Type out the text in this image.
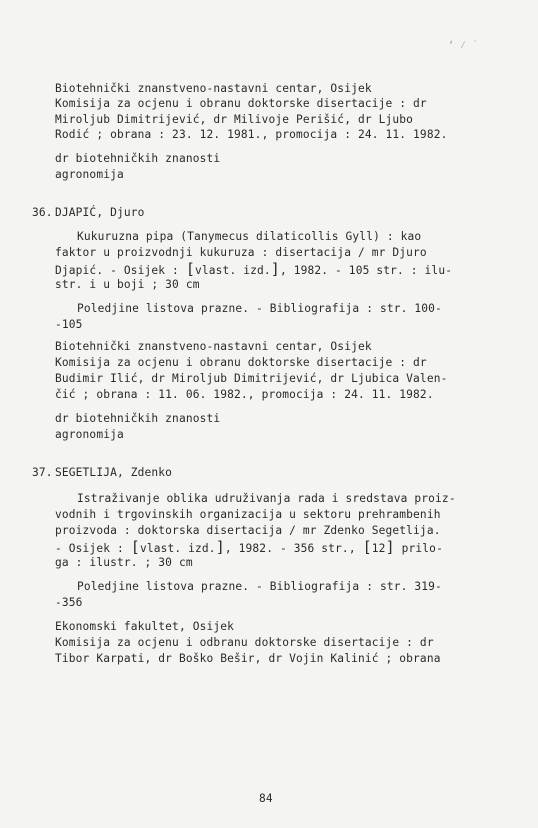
ʻ ⁄ ˙
Biotehnički znanstveno-nastavni centar, Osijek
Komisija za ocjenu i obranu doktorske disertacije : dr
Miroljub Dimitrijević, dr Milivoje Perišić, dr Ljubo
Rodić ; obrana : 23. 12. 1981., promocija : 24. 11. 1982.
dr biotehničkih znanosti
agronomija
36. DJAPIĆ, Djuro
Kukuruzna pipa (Tanymecus dilaticollis Gyll) : kao
faktor u proizvodnji kukuruza : disertacija / mr Djuro
Djapić. - Osijek : [vlast. izd.], 1982. - 105 str. : ilu-
str. i u boji ; 30 cm
Poledjine listova prazne. - Bibliografija : str. 100-
-105
Biotehnički znanstveno-nastavni centar, Osijek
Komisija za ocjenu i obranu doktorske disertacije : dr
Budimir Ilić, dr Miroljub Dimitrijević, dr Ljubica Valen-
čić ; obrana : 11. 06. 1982., promocija : 24. 11. 1982.
dr biotehničkih znanosti
agronomija
37. SEGETLIJA, Zdenko
Istraživanje oblika udruživanja rada i sredstava proiz-
vodnih i trgovinskih organizacija u sektoru prehrambenih
proizvoda : doktorska disertacija / mr Zdenko Segetlija.
- Osijek : [vlast. izd.], 1982. - 356 str., [12] prilo-
ga : ilustr. ; 30 cm
Poledjine listova prazne. - Bibliografija : str. 319-
-356
Ekonomski fakultet, Osijek
Komisija za ocjenu i odbranu doktorske disertacije : dr
Tibor Karpati, dr Boško Bešir, dr Vojin Kalinić ; obrana
84
